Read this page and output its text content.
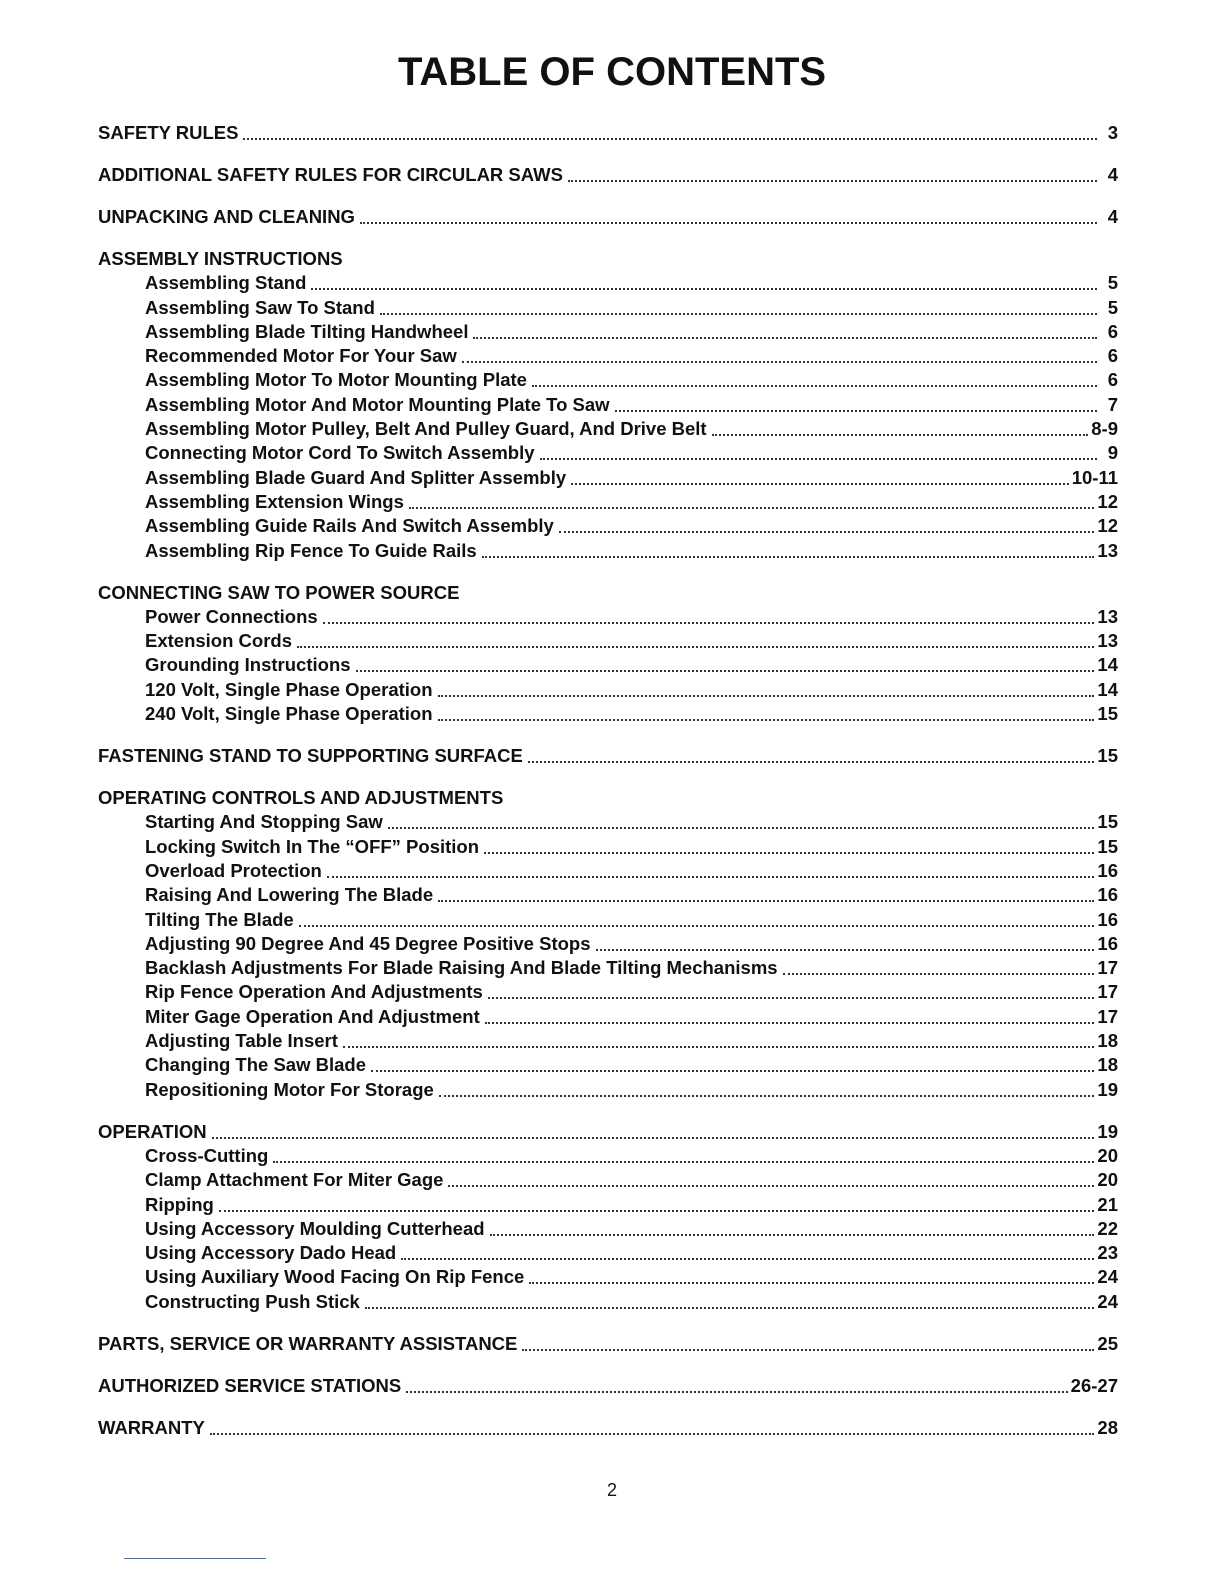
TABLE OF CONTENTS
SAFETY RULES	3
ADDITIONAL SAFETY RULES FOR CIRCULAR SAWS	4
UNPACKING AND CLEANING	4
ASSEMBLY INSTRUCTIONS
Assembling Stand	5
Assembling Saw To Stand	5
Assembling Blade Tilting Handwheel	6
Recommended Motor For Your Saw	6
Assembling Motor To Motor Mounting Plate	6
Assembling Motor And Motor Mounting Plate To Saw	7
Assembling Motor Pulley, Belt And Pulley Guard, And Drive Belt	8-9
Connecting Motor Cord To Switch Assembly	9
Assembling Blade Guard And Splitter Assembly	10-11
Assembling Extension Wings	12
Assembling Guide Rails And Switch Assembly	12
Assembling Rip Fence To Guide Rails	13
CONNECTING SAW TO POWER SOURCE
Power Connections	13
Extension Cords	13
Grounding Instructions	14
120 Volt, Single Phase Operation	14
240 Volt, Single Phase Operation	15
FASTENING STAND TO SUPPORTING SURFACE	15
OPERATING CONTROLS AND ADJUSTMENTS
Starting And Stopping Saw	15
Locking Switch In The “OFF” Position	15
Overload Protection	16
Raising And Lowering The Blade	16
Tilting The Blade	16
Adjusting 90 Degree And 45 Degree Positive Stops	16
Backlash Adjustments For Blade Raising And Blade Tilting Mechanisms	17
Rip Fence Operation And Adjustments	17
Miter Gage Operation And Adjustment	17
Adjusting Table Insert	18
Changing The Saw Blade	18
Repositioning Motor For Storage	19
OPERATION	19
Cross-Cutting	20
Clamp Attachment For Miter Gage	20
Ripping	21
Using Accessory Moulding Cutterhead	22
Using Accessory Dado Head	23
Using Auxiliary Wood Facing On Rip Fence	24
Constructing Push Stick	24
PARTS, SERVICE OR WARRANTY ASSISTANCE	25
AUTHORIZED SERVICE STATIONS	26-27
WARRANTY	28
2
